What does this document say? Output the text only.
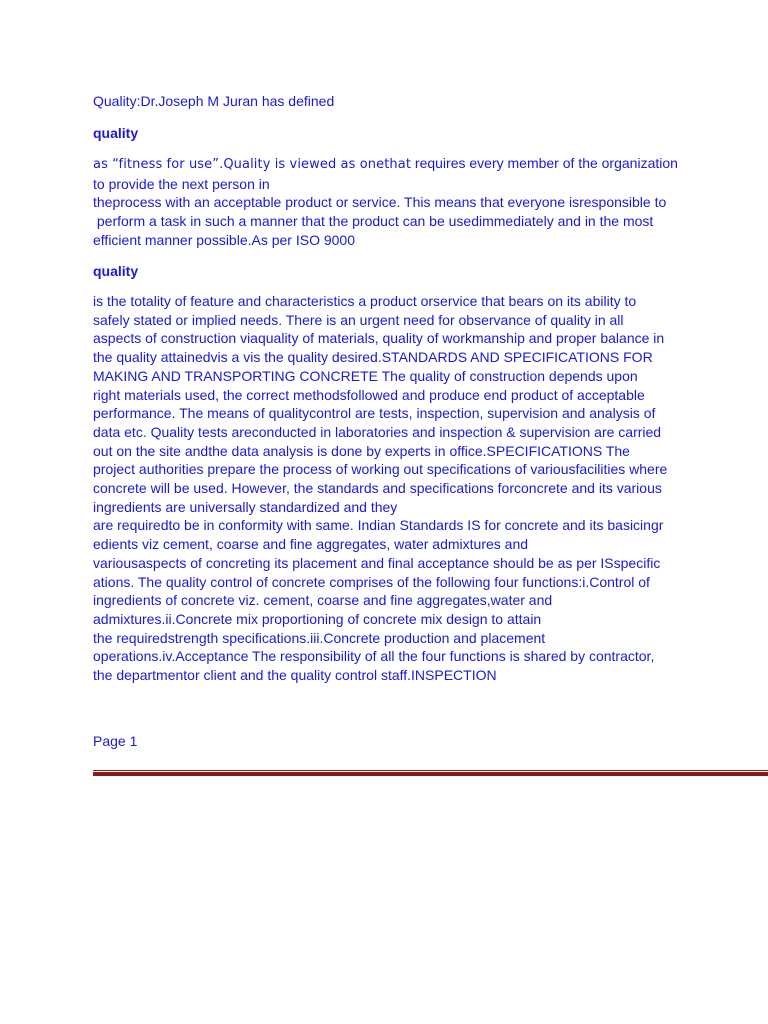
Quality:Dr.Joseph M Juran has defined
quality
as “fitness for use”.Quality is viewed as onethat requires every member of the organization
to provide the next person in
theprocess with an acceptable product or service. This means that everyone isresponsible to
perform a task in such a manner that the product can be usedimmediately and in the most
efficient manner possible.As per ISO 9000
quality
is the totality of feature and characteristics a product orservice that bears on its ability to
safely stated or implied needs. There is an urgent need for observance of quality in all
aspects of construction viaquality of materials, quality of workmanship and proper balance in
the quality attainedvis a vis the quality desired.STANDARDS AND SPECIFICATIONS FOR
MAKING AND TRANSPORTING CONCRETE The quality of construction depends upon
right materials used, the correct methodsfollowed and produce end product of acceptable
performance. The means of qualitycontrol are tests, inspection, supervision and analysis of
data etc. Quality tests areconducted in laboratories and inspection & supervision are carried
out on the site andthe data analysis is done by experts in office.SPECIFICATIONS The
project authorities prepare the process of working out specifications of variousfacilities where
concrete will be used. However, the standards and specifications forconcrete and its various
ingredients are universally standardized and they
are requiredto be in conformity with same. Indian Standards IS for concrete and its basicingr
edients viz cement, coarse and fine aggregates, water admixtures and
variousaspects of concreting its placement and final acceptance should be as per ISspecific
ations. The quality control of concrete comprises of the following four functions:i.Control of
ingredients of concrete viz. cement, coarse and fine aggregates,water and
admixtures.ii.Concrete mix proportioning of concrete mix design to attain
the requiredstrength specifications.iii.Concrete production and placement
operations.iv.Acceptance The responsibility of all the four functions is shared by contractor,
the departmentor client and the quality control staff.INSPECTION
Page 1
